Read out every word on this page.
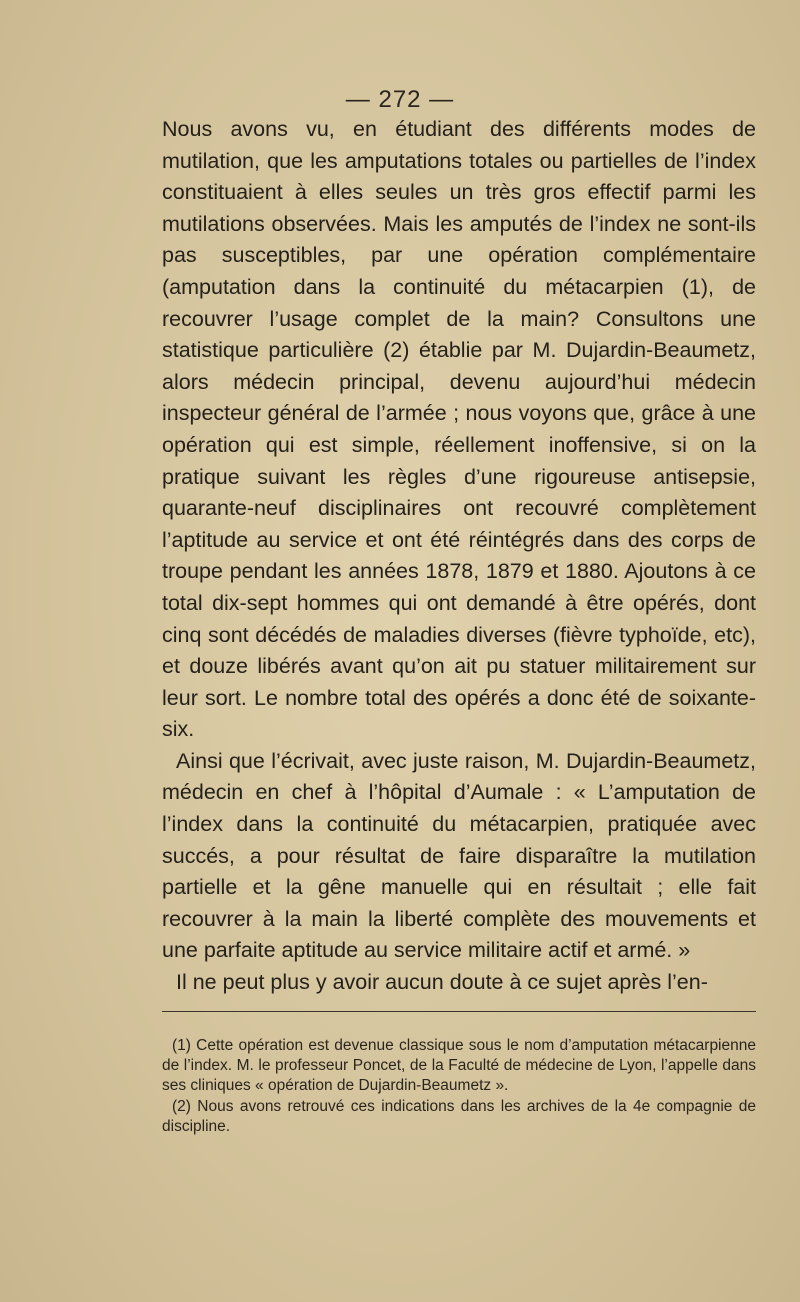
— 272 —

Nous avons vu, en étudiant des différents modes de mutilation, que les amputations totales ou partielles de l’index constituaient à elles seules un très gros effectif parmi les mutilations observées. Mais les amputés de l’index ne sont-ils pas susceptibles, par une opération complémentaire (amputation dans la continuité du métacarpien (1), de recouvrer l’usage complet de la main? Consultons une statistique particulière (2) établie par M. Dujardin-Beaumetz, alors médecin principal, devenu aujourd’hui médecin inspecteur général de l’armée ; nous voyons que, grâce à une opération qui est simple, réellement inoffensive, si on la pratique suivant les règles d’une rigoureuse antisepsie, quarante-neuf disciplinaires ont recouvré complètement l’aptitude au service et ont été réintégrés dans des corps de troupe pendant les années 1878, 1879 et 1880. Ajoutons à ce total dix-sept hommes qui ont demandé à être opérés, dont cinq sont décédés de maladies diverses (fièvre typhoïde, etc), et douze libérés avant qu’on ait pu statuer militairement sur leur sort. Le nombre total des opérés a donc été de soixante-six.

Ainsi que l’écrivait, avec juste raison, M. Dujardin-Beaumetz, médecin en chef à l’hôpital d’Aumale : « L’amputation de l’index dans la continuité du métacarpien, pratiquée avec succés, a pour résultat de faire disparaître la mutilation partielle et la gêne manuelle qui en résultait ; elle fait recouvrer à la main la liberté complète des mouvements et une parfaite aptitude au service militaire actif et armé. »

Il ne peut plus y avoir aucun doute à ce sujet après l’en-

(1) Cette opération est devenue classique sous le nom d’amputation métacarpienne de l’index. M. le professeur Poncet, de la Faculté de médecine de Lyon, l’appelle dans ses cliniques « opération de Dujardin-Beaumetz ».

(2) Nous avons retrouvé ces indications dans les archives de la 4e compagnie de discipline.
